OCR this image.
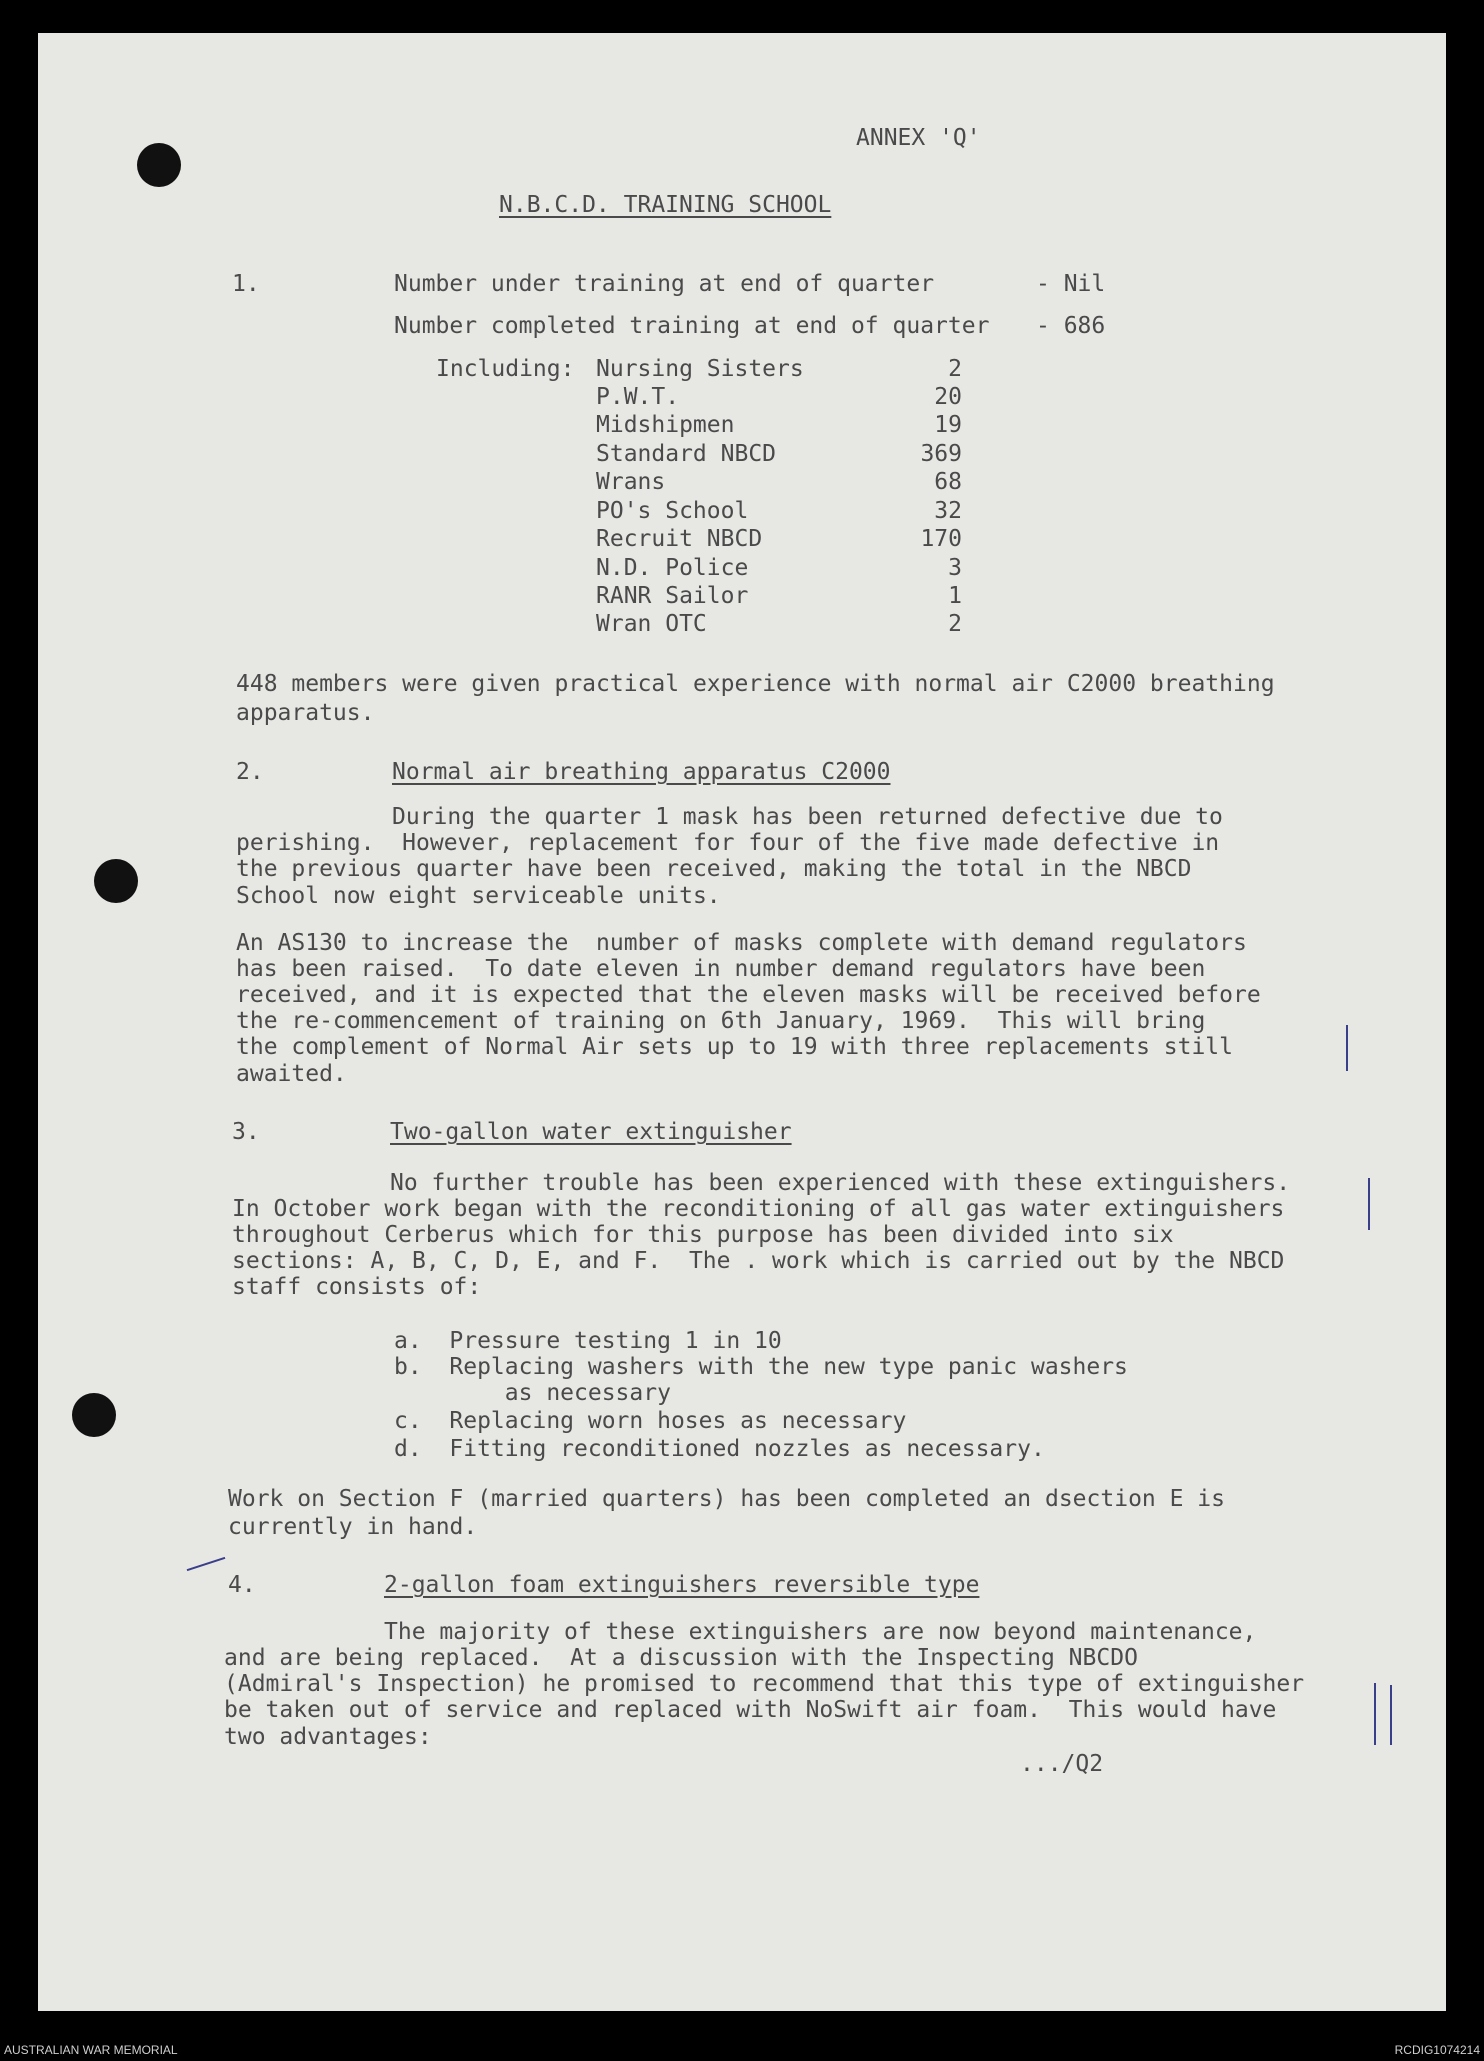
ANNEX 'Q'
N.B.C.D. TRAINING SCHOOL
1.	Number under training at end of quarter	- Nil
Number completed training at end of quarter - 686
Including: Nursing Sisters	2
P.W.T.	20
Midshipmen	19
Standard NBCD	369
Wrans	68
PO's School	32
Recruit NBCD	170
N.D. Police	3
RANR Sailor	1
Wran OTC	2
448 members were given practical experience with normal air C2000 breathing
apparatus.
2.	Normal air breathing apparatus C2000
During the quarter 1 mask has been returned defective due to
perishing.  However, replacement for four of the five made defective in
the previous quarter have been received, making the total in the NBCD
School now eight serviceable units.
An AS130 to increase the  number of masks complete with demand regulators
has been raised.  To date eleven in number demand regulators have been
received, and it is expected that the eleven masks will be received before
the re-commencement of training on 6th January, 1969.  This will bring
the complement of Normal Air sets up to 19 with three replacements still
awaited.
3.	Two-gallon water extinguisher
No further trouble has been experienced with these extinguishers.
In October work began with the reconditioning of all gas water extinguishers
throughout Cerberus which for this purpose has been divided into six
sections: A, B, C, D, E, and F.  The . work which is carried out by the NBCD
staff consists of:
a.  Pressure testing 1 in 10
b.  Replacing washers with the new type panic washers
as necessary
c.  Replacing worn hoses as necessary
d.  Fitting reconditioned nozzles as necessary.
Work on Section F (married quarters) has been completed an dsection E is
currently in hand.
4.	2-gallon foam extinguishers reversible type
The majority of these extinguishers are now beyond maintenance,
and are being replaced.  At a discussion with the Inspecting NBCDO
(Admiral's Inspection) he promised to recommend that this type of extinguisher
be taken out of service and replaced with NoSwift air foam.  This would have
two advantages:
.../Q2
AUSTRALIAN WAR MEMORIAL	RCDIG1074214
